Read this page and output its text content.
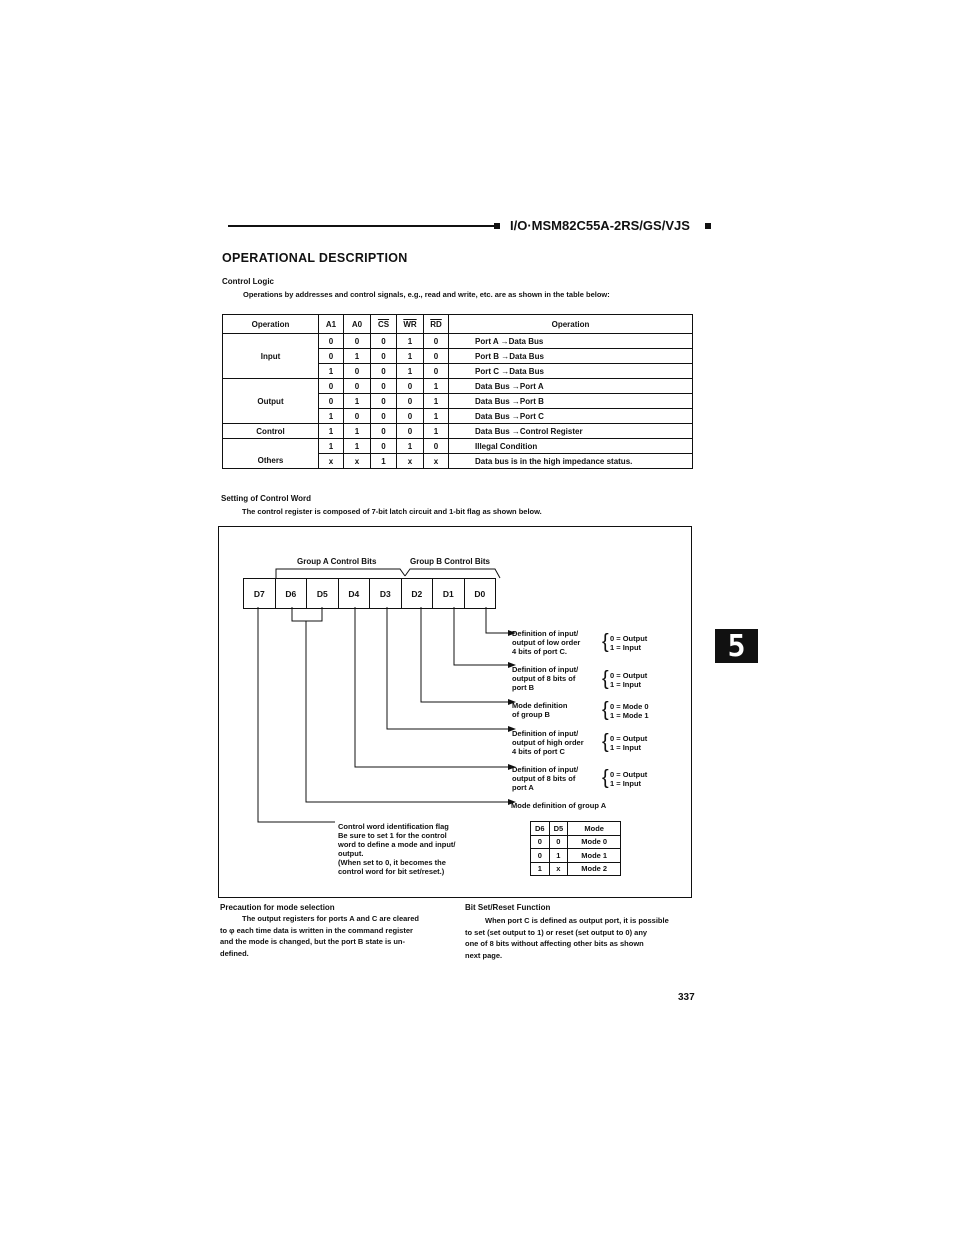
I/O·MSM82C55A-2RS/GS/VJS
OPERATIONAL DESCRIPTION
Control Logic
Operations by addresses and control signals, e.g., read and write, etc. are as shown in the table below:
Operation	A1	A0	$\overline{CS}$	$\overline{WR}$	$\overline{RD}$	Operation
Input	0	0	0	1	0	Port A →Data Bus
	0	1	0	1	0	Port B →Data Bus
	1	0	0	1	0	Port C →Data Bus
Output	0	0	0	0	1	Data Bus →Port A
	0	1	0	0	1	Data Bus →Port B
	1	0	0	0	1	Data Bus →Port C
Control	1	1	0	0	1	Data Bus →Control Register
Others	1	1	0	1	0	Illegal Condition
	x	x	1	x	x	Data bus is in the high impedance status.
Setting of Control Word
The control register is composed of 7-bit latch circuit and 1-bit flag as shown below.
Group A Control Bits	Group B Control Bits
D7	D6	D5	D4	D3	D2	D1	D0
Definition of input/
output of low order
4 bits of port C.	{ 0 = Output
1 = Input
Definition of input/
output of 8 bits of
port B	{ 0 = Output
1 = Input
Mode definition
of group B	{ 0 = Mode 0
1 = Mode 1
Definition of input/
output of high order
4 bits of port C	{ 0 = Output
1 = Input
Definition of input/
output of 8 bits of
port A	{ 0 = Output
1 = Input
Mode definition of group A
Control word identification flag
Be sure to set 1 for the control
word to define a mode and input/
output.
(When set to 0, it becomes the
control word for bit set/reset.)
D6	D5	Mode
0	0	Mode 0
0	1	Mode 1
1	x	Mode 2
5
Precaution for mode selection
The output registers for ports A and C are cleared
to φ each time data is written in the command register
and the mode is changed, but the port B state is un-
defined.
Bit Set/Reset Function
When port C is defined as output port, it is possible
to set (set output to 1) or reset (set output to 0) any
one of 8 bits without affecting other bits as shown
next page.
337
